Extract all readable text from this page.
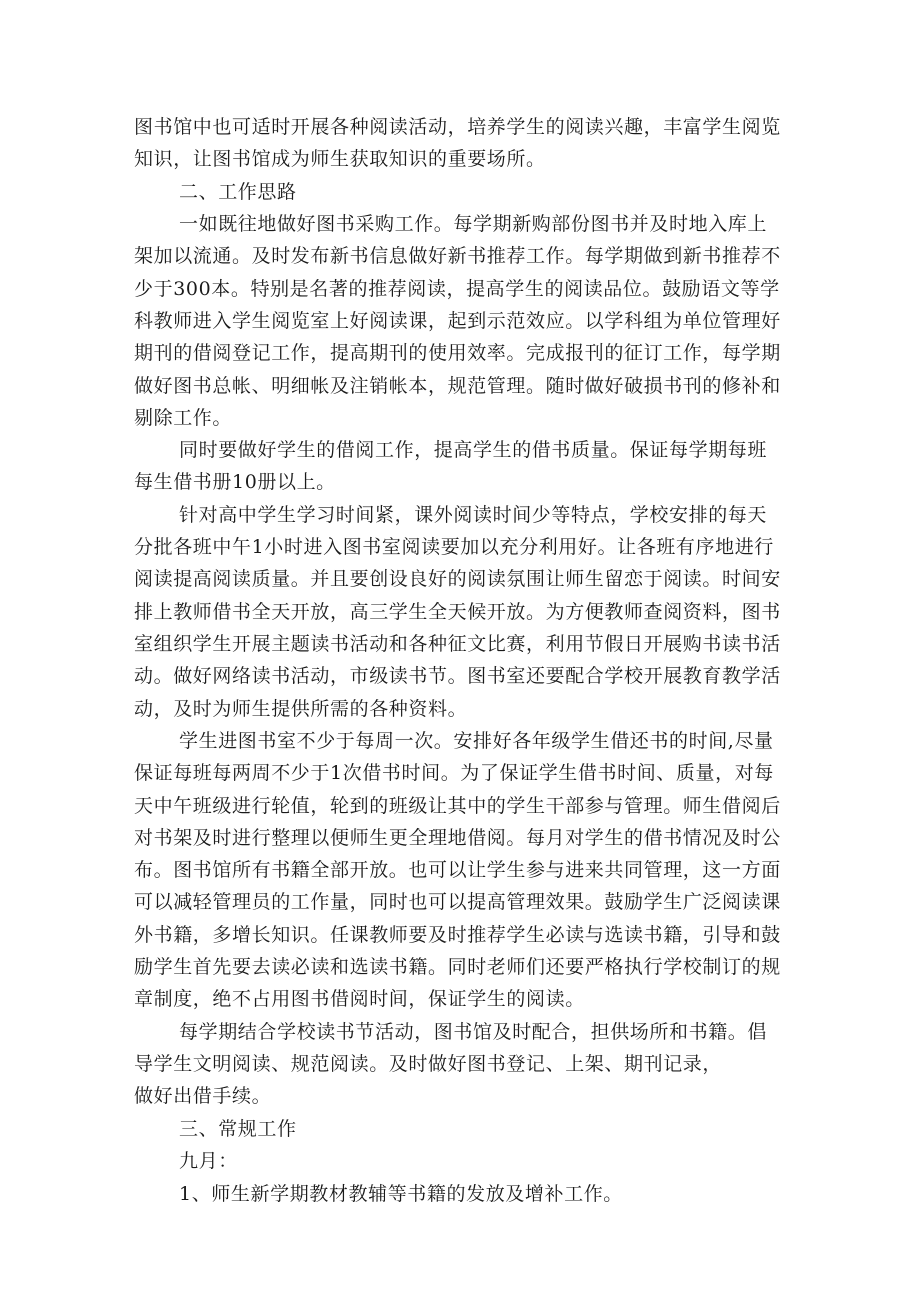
图书馆中也可适时开展各种阅读活动，培养学生的阅读兴趣，丰富学生阅览
知识，让图书馆成为师生获取知识的重要场所。
二、工作思路
一如既往地做好图书采购工作。每学期新购部份图书并及时地入库上
架加以流通。及时发布新书信息做好新书推荐工作。每学期做到新书推荐不
少于300本。特别是名著的推荐阅读，提高学生的阅读品位。鼓励语文等学
科教师进入学生阅览室上好阅读课，起到示范效应。以学科组为单位管理好
期刊的借阅登记工作，提高期刊的使用效率。完成报刊的征订工作，每学期
做好图书总帐、明细帐及注销帐本，规范管理。随时做好破损书刊的修补和
剔除工作。
同时要做好学生的借阅工作，提高学生的借书质量。保证每学期每班
每生借书册10册以上。
针对高中学生学习时间紧，课外阅读时间少等特点，学校安排的每天
分批各班中午1小时进入图书室阅读要加以充分利用好。让各班有序地进行
阅读提高阅读质量。并且要创设良好的阅读氛围让师生留恋于阅读。时间安
排上教师借书全天开放，高三学生全天候开放。为方便教师查阅资料，图书
室组织学生开展主题读书活动和各种征文比赛，利用节假日开展购书读书活
动。做好网络读书活动，市级读书节。图书室还要配合学校开展教育教学活
动，及时为师生提供所需的各种资料。
学生进图书室不少于每周一次。安排好各年级学生借还书的时间,尽量
保证每班每两周不少于1次借书时间。为了保证学生借书时间、质量，对每
天中午班级进行轮值，轮到的班级让其中的学生干部参与管理。师生借阅后
对书架及时进行整理以便师生更全理地借阅。每月对学生的借书情况及时公
布。图书馆所有书籍全部开放。也可以让学生参与进来共同管理，这一方面
可以减轻管理员的工作量，同时也可以提高管理效果。鼓励学生广泛阅读课
外书籍，多增长知识。任课教师要及时推荐学生必读与选读书籍，引导和鼓
励学生首先要去读必读和选读书籍。同时老师们还要严格执行学校制订的规
章制度，绝不占用图书借阅时间，保证学生的阅读。
每学期结合学校读书节活动，图书馆及时配合，担供场所和书籍。倡
导学生文明阅读、规范阅读。及时做好图书登记、上架、期刊记录，
做好出借手续。
三、常规工作
九月：
1、师生新学期教材教辅等书籍的发放及增补工作。
